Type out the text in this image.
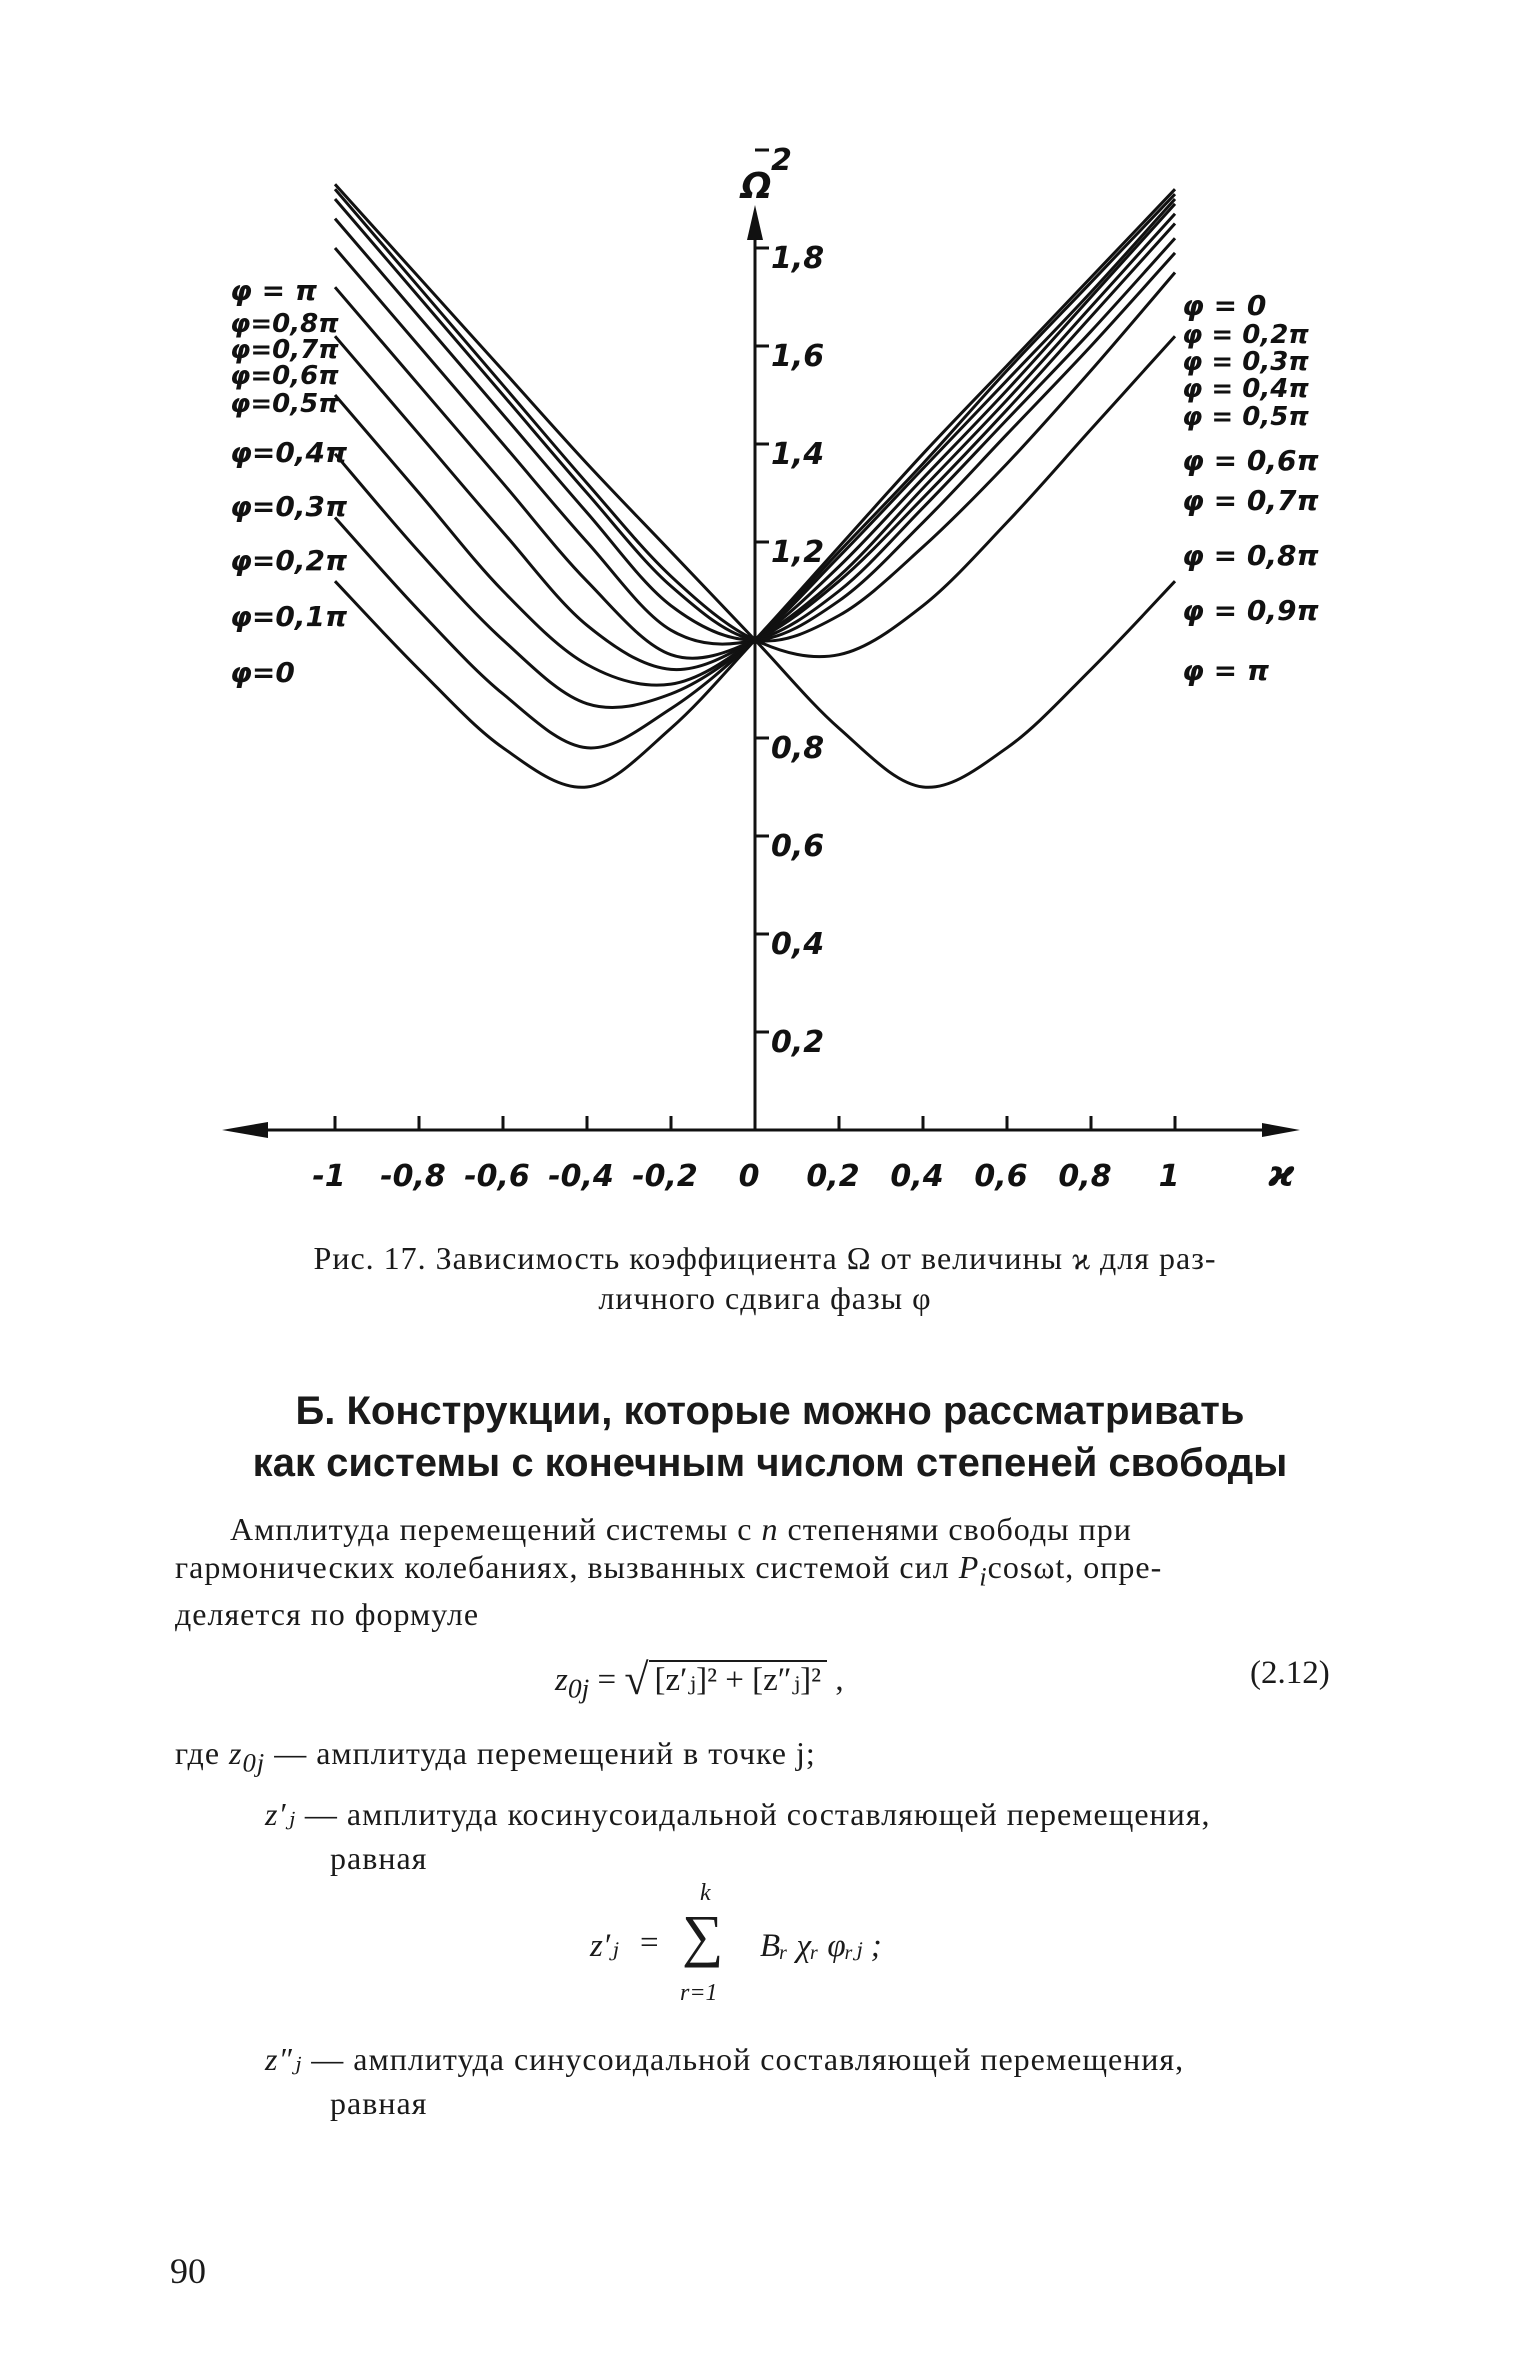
-1 -0,8 -0,6 -0,4 -0,2 0 0,2 0,4 0,6 0,8 1
2
1,8
1,6
1,4
1,2
0,8
0,6
0,4
0,2
Ω
ϰ
φ = π
φ=0,8π
φ=0,7π
φ=0,6π
φ=0,5π
φ=0,4π
φ=0,3π
φ=0,2π
φ=0,1π
φ=0
φ = 0
φ = 0,2π
φ = 0,3π
φ = 0,4π
φ = 0,5π
φ = 0,6π
φ = 0,7π
φ = 0,8π
φ = 0,9π
φ = π
Рис. 17. Зависимость коэффициента Ω от величины ϰ для раз-
личного сдвига фазы φ
Б. Конструкции, которые можно рассматривать
как системы с конечным числом степеней свободы
Амплитуда перемещений системы с n степенями свободы при
гармонических колебаниях, вызванных системой сил $P_i\cos\omega t$, опре-
деляется по формуле
$z_{0j}$ = √ [z′ⱼ]² + [z″ⱼ]² ,	(2.12)
где $z_{0j}$ — амплитуда перемещений в точке j;
z′ⱼ — амплитуда косинусоидальной составляющей перемещения,
равная
z′ⱼ =
k
∑
r=1
Bᵣ χᵣ φᵣⱼ ;
z″ⱼ — амплитуда синусоидальной составляющей перемещения,
равная
90
